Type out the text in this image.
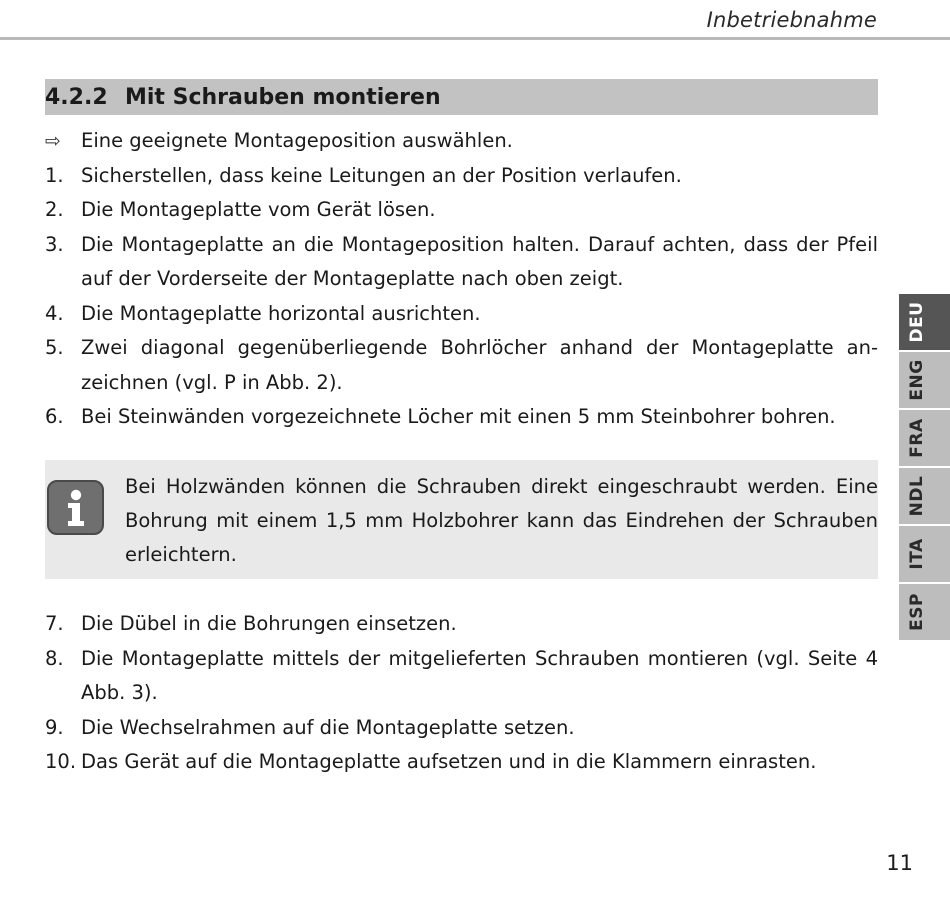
Inbetriebnahme
4.2.2 Mit Schrauben montieren
⇨	Eine geeignete Montageposition auswählen.
1. Sicherstellen, dass keine Leitungen an der Position verlaufen.
2. Die Montageplatte vom Gerät lösen.
3. Die Montageplatte an die Montageposition halten. Darauf achten, dass der Pfeil auf der Vorderseite der Montageplatte nach oben zeigt.
4. Die Montageplatte horizontal ausrichten.
5. Zwei diagonal gegenüberliegende Bohrlöcher anhand der Montageplatte anzeichnen (vgl. P in Abb. 2).
6. Bei Steinwänden vorgezeichnete Löcher mit einen 5 mm Steinbohrer bohren.
Bei Holzwänden können die Schrauben direkt eingeschraubt werden. Eine Bohrung mit einem 1,5 mm Holzbohrer kann das Eindrehen der Schrauben erleichtern.
7. Die Dübel in die Bohrungen einsetzen.
8. Die Montageplatte mittels der mitgelieferten Schrauben montieren (vgl. Seite 4 Abb. 3).
9. Die Wechselrahmen auf die Montageplatte setzen.
10. Das Gerät auf die Montageplatte aufsetzen und in die Klammern einrasten.
DEU
ENG
FRA
NDL
ITA
ESP
11
